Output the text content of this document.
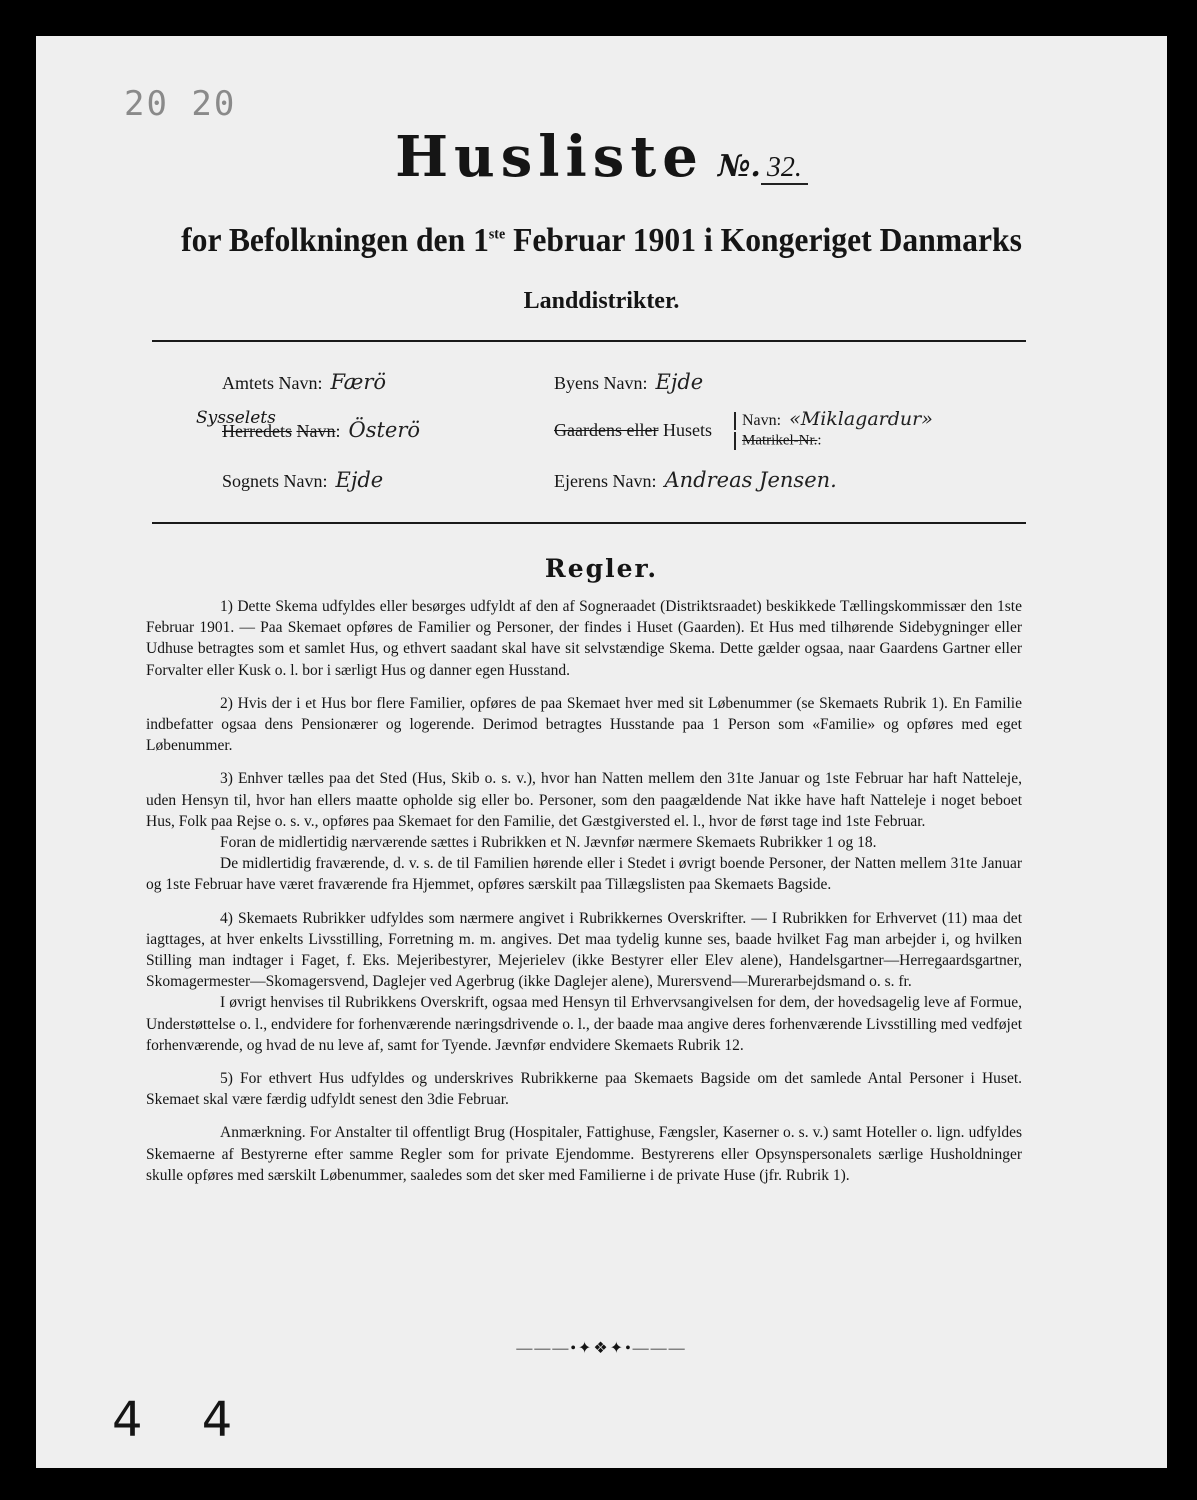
20 20
Husliste №. 32.
for Befolkningen den 1ste Februar 1901 i Kongeriget Danmarks
Landdistrikter.
Amtets Navn: Færö	Byens Navn: Ejde
Sysselets
Herredets Navn: Österö	Gaardens eller Husets	Navn: «Miklagardur»
Matrikel-Nr.:
Sognets Navn: Ejde	Ejerens Navn: Andreas Jensen.
Regler.

1) Dette Skema udfyldes eller besørges udfyldt af den af Sogneraadet (Distriktsraadet) beskikkede Tællingskommissær den 1ste Februar 1901. — Paa Skemaet opføres de Familier og Personer, der findes i Huset (Gaarden). Et Hus med tilhørende Sidebygninger eller Udhuse betragtes som et samlet Hus, og ethvert saadant skal have sit selvstændige Skema. Dette gælder ogsaa, naar Gaardens Gartner eller Forvalter eller Kusk o. l. bor i særligt Hus og danner egen Husstand.

2) Hvis der i et Hus bor flere Familier, opføres de paa Skemaet hver med sit Løbenummer (se Skemaets Rubrik 1). En Familie indbefatter ogsaa dens Pensionærer og logerende. Derimod betragtes Husstande paa 1 Person som «Familie» og opføres med eget Løbenummer.

3) Enhver tælles paa det Sted (Hus, Skib o. s. v.), hvor han Natten mellem den 31te Januar og 1ste Februar har haft Natteleje, uden Hensyn til, hvor han ellers maatte opholde sig eller bo. Personer, som den paagældende Nat ikke have haft Natteleje i noget beboet Hus, Folk paa Rejse o. s. v., opføres paa Skemaet for den Familie, det Gæstgiversted el. l., hvor de først tage ind 1ste Februar.

Foran de midlertidig nærværende sættes i Rubrikken et N. Jævnfør nærmere Skemaets Rubrikker 1 og 18.

De midlertidig fraværende, d. v. s. de til Familien hørende eller i Stedet i øvrigt boende Personer, der Natten mellem 31te Januar og 1ste Februar have været fraværende fra Hjemmet, opføres særskilt paa Tillægslisten paa Skemaets Bagside.

4) Skemaets Rubrikker udfyldes som nærmere angivet i Rubrikkernes Overskrifter. — I Rubrikken for Erhvervet (11) maa det iagttages, at hver enkelts Livsstilling, Forretning m. m. angives. Det maa tydelig kunne ses, baade hvilket Fag man arbejder i, og hvilken Stilling man indtager i Faget, f. Eks. Mejeribestyrer, Mejerielev (ikke Bestyrer eller Elev alene), Handelsgartner—Herregaardsgartner, Skomagermester—Skomagersvend, Daglejer ved Agerbrug (ikke Daglejer alene), Murersvend—Murerarbejdsmand o. s. fr.

I øvrigt henvises til Rubrikkens Overskrift, ogsaa med Hensyn til Erhvervsangivelsen for dem, der hovedsagelig leve af Formue, Understøttelse o. l., endvidere for forhenværende næringsdrivende o. l., der baade maa angive deres forhenværende Livsstilling med vedføjet forhenværende, og hvad de nu leve af, samt for Tyende. Jævnfør endvidere Skemaets Rubrik 12.

5) For ethvert Hus udfyldes og underskrives Rubrikkerne paa Skemaets Bagside om det samlede Antal Personer i Huset. Skemaet skal være færdig udfyldt senest den 3die Februar.

Anmærkning. For Anstalter til offentligt Brug (Hospitaler, Fattighuse, Fængsler, Kaserner o. s. v.) samt Hoteller o. lign. udfyldes Skemaerne af Bestyrerne efter samme Regler som for private Ejendomme. Bestyrerens eller Opsynspersonalets særlige Husholdninger skulle opføres med særskilt Løbenummer, saaledes som det sker med Familierne i de private Huse (jfr. Rubrik 1).

———•✦❖✦•———
4 4
